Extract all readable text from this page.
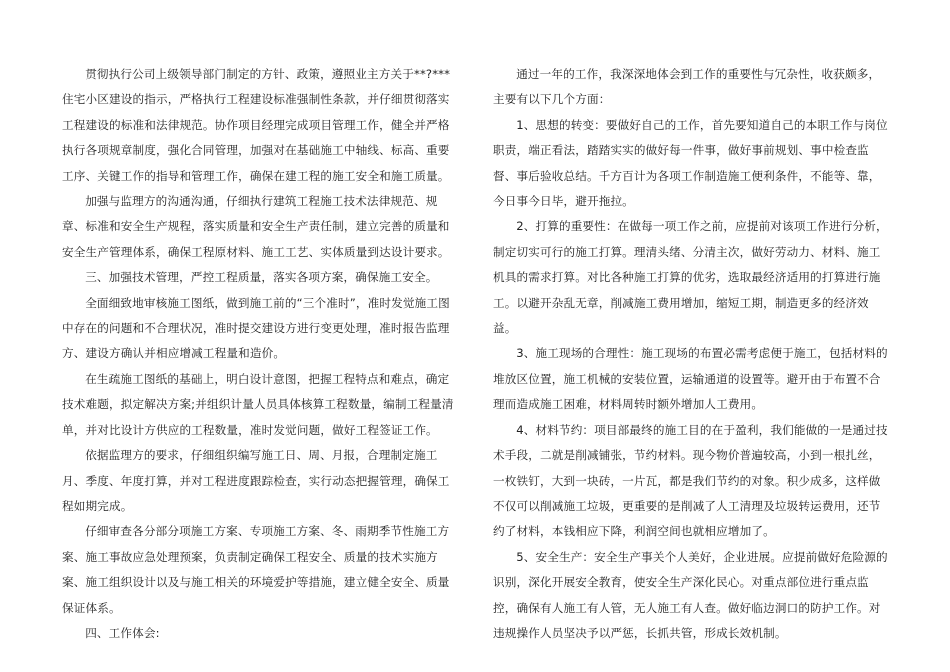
贯彻执行公司上级领导部门制定的方针、政策，遵照业主方关于**?***住宅小区建设的指示，严格执行工程建设标准强制性条款，并仔细贯彻落实工程建设的标准和法律规范。协作项目经理完成项目管理工作，健全并严格执行各项规章制度，强化合同管理，加强对在基础施工中轴线、标高、重要工序、关键工作的指导和管理工作，确保在建工程的施工安全和施工质量。

加强与监理方的沟通沟通，仔细执行建筑工程施工技术法律规范、规章、标准和安全生产规程，落实质量和安全生产责任制，建立完善的质量和安全生产管理体系，确保工程原材料、施工工艺、实体质量到达设计要求。

三、加强技术管理，严控工程质量，落实各项方案，确保施工安全。

全面细致地审核施工图纸，做到施工前的“三个准时”，准时发觉施工图中存在的问题和不合理状况，准时提交建设方进行变更处理，准时报告监理方、建设方确认并相应增减工程量和造价。

在生疏施工图纸的基础上，明白设计意图，把握工程特点和难点，确定技术难题，拟定解决方案;并组织计量人员具体核算工程数量，编制工程量清单，并对比设计方供应的工程数量，准时发觉问题，做好工程签证工作。

依据监理方的要求，仔细组织编写施工日、周、月报，合理制定施工月、季度、年度打算，并对工程进度跟踪检查，实行动态把握管理，确保工程如期完成。

仔细审查各分部分项施工方案、专项施工方案、冬、雨期季节性施工方案、施工事故应急处理预案，负责制定确保工程安全、质量的技术实施方案、施工组织设计以及与施工相关的环境爱护等措施，建立健全安全、质量保证体系。

四、工作体会:

通过一年的工作，我深深地体会到工作的重要性与冗杂性，收获颇多，主要有以下几个方面：

1、思想的转变：要做好自己的工作，首先要知道自己的本职工作与岗位职责，端正看法，踏踏实实的做好每一件事，做好事前规划、事中检查监督、事后验收总结。千方百计为各项工作制造施工便利条件，不能等、靠，今日事今日毕，避开拖拉。

2、打算的重要性：在做每一项工作之前，应提前对该项工作进行分析，制定切实可行的施工打算。理清头绪、分清主次，做好劳动力、材料、施工机具的需求打算。对比各种施工打算的优劣，选取最经济适用的打算进行施工。以避开杂乱无章，削减施工费用增加，缩短工期，制造更多的经济效益。

3、施工现场的合理性：施工现场的布置必需考虑便于施工，包括材料的堆放区位置，施工机械的安装位置，运输通道的设置等。避开由于布置不合理而造成施工困难，材料周转时额外增加人工费用。

4、材料节约：项目部最终的施工目的在于盈利，我们能做的一是通过技术手段，二就是削减铺张，节约材料。现今物价普遍较高，小到一根扎丝，一枚铁钉，大到一块砖，一片瓦，都是我们节约的对象。积少成多，这样做不仅可以削减施工垃圾，更重要的是削减了人工清理及垃圾转运费用，还节约了材料，本钱相应下降，利润空间也就相应增加了。

5、安全生产：安全生产事关个人美好，企业进展。应提前做好危险源的识别，深化开展安全教育，使安全生产深化民心。对重点部位进行重点监控，确保有人施工有人管，无人施工有人查。做好临边洞口的防护工作。对违规操作人员坚决予以严惩，长抓共管，形成长效机制。
